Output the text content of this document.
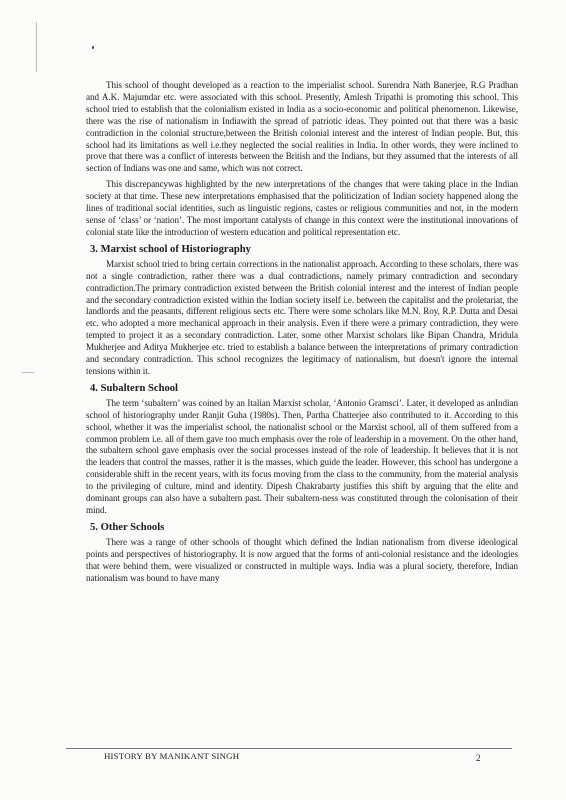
This school of thought developed as a reaction to the imperialist school. Surendra Nath Banerjee, R.G Pradhan and A.K. Majumdar etc. were associated with this school. Presently, Amlesh Tripathi is promoting this school. This school tried to establish that the colonialism existed in India as a socio-economic and political phenomenon. Likewise, there was the rise of nationalism in Indiawith the spread of patriotic ideas. They pointed out that there was a basic contradiction in the colonial structure,between the British colonial interest and the interest of Indian people. But, this school had its limitations as well i.e.they neglected the social realities in India. In other words, they were inclined to prove that there was a conflict of interests between the British and the Indians, but they assumed that the interests of all section of Indians was one and same, which was not correct.

This discrepancywas highlighted by the new interpretations of the changes that were taking place in the Indian society at that time. These new interpretations emphasised that the politicization of Indian society happened along the lines of traditional social identities, such as linguistic regions, castes or religious communities and not, in the modern sense of ‘class’ or ‘nation’. The most important catalysts of change in this context were the institutional innovations of colonial state like the introduction of western education and political representation etc.

3. Marxist school of Historiography

Marxist school tried to bring certain corrections in the nationalist approach. According to these scholars, there was not a single contradiction, rather there was a dual contradictions, namely primary contradiction and secondary contradiction.The primary contradiction existed between the British colonial interest and the interest of Indian people and the secondary contradiction existed within the Indian society itself i.e. between the capitalist and the proletariat, the landlords and the peasants, different religious sects etc. There were some scholars like M.N. Roy, R.P. Dutta and Desai etc. who adopted a more mechanical approach in their analysis. Even if there were a primary contradiction, they were tempted to project it as a secondary contradiction. Later, some other Marxist scholars like Bipan Chandra, Mridula Mukherjee and Aditya Mukherjee etc. tried to establish a balance between the interpretations of primary contradiction and secondary contradiction. This school recognizes the legitimacy of nationalism, but doesn't ignore the internal tensions within it.

4. Subaltern School

The term ‘subaltern’ was coined by an Italian Marxist scholar, ‘Antonio Gramsci’. Later, it developed as anIndian school of historiography under Ranjit Guha (1980s). Then, Partha Chatterjee also contributed to it. According to this school, whether it was the imperialist school, the nationalist school or the Marxist school, all of them suffered from a common problem i.e. all of them gave too much emphasis over the role of leadership in a movement. On the other hand, the subaltern school gave emphasis over the social processes instead of the role of leadership. It believes that it is not the leaders that control the masses, rather it is the masses, which guide the leader. However, this school has undergone a considerable shift in the recent years, with its focus moving from the class to the community, from the material analysis to the privileging of culture, mind and identity. Dipesh Chakrabarty justifies this shift by arguing that the elite and dominant groups can also have a subaltern past. Their subaltern-ness was constituted through the colonisation of their mind.

5. Other Schools

There was a range of other schools of thought which defined the Indian nationalism from diverse ideological points and perspectives of historiography. It is now argued that the forms of anti-colonial resistance and the ideologies that were behind them, were visualized or constructed in multiple ways. India was a plural society, therefore, Indian nationalism was bound to have many

HISTORY BY MANIKANT SINGH	2
